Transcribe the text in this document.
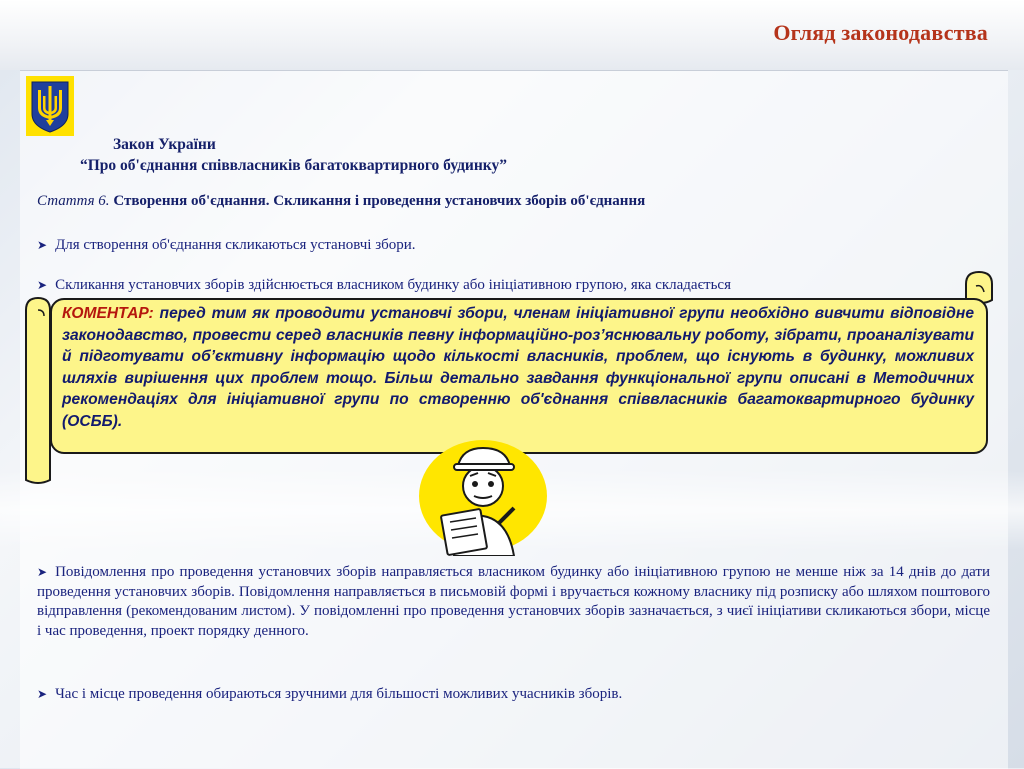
Огляд законодавства
Закон України
“Про об'єднання співвласників багатоквартирного будинку”
Стаття 6. Створення об'єднання. Скликання і проведення установчих зборів об'єднання
➤ Для створення об'єднання скликаються установчі збори.
➤ Скликання установчих зборів здійснюється власником будинку або ініціативною групою, яка складається
КОМЕНТАР: перед тим як проводити установчі збори, членам ініціативної групи необхідно вивчити відповідне законодавство, провести серед власників певну інформаційно-роз’яснювальну роботу, зібрати, проаналізувати й підготувати об’єктивну інформацію щодо кількості власників, проблем, що існують в будинку, можливих шляхів вирішення цих проблем тощо. Більш детально завдання функціональної групи описані в Методичних рекомендаціях для ініціативної групи по створенню об'єднання співвласників багатоквартирного будинку (ОСББ).
➤ Повідомлення про проведення установчих зборів направляється власником будинку або ініціативною групою не менше ніж за 14 днів до дати проведення установчих зборів. Повідомлення направляється в письмовій формі і вручається кожному власнику під розписку або шляхом поштового відправлення (рекомендованим листом). У повідомленні про проведення установчих зборів зазначається, з чиєї ініціативи скликаються збори, місце і час проведення, проект порядку денного.
➤ Час і місце проведення обираються зручними для більшості можливих учасників зборів.
